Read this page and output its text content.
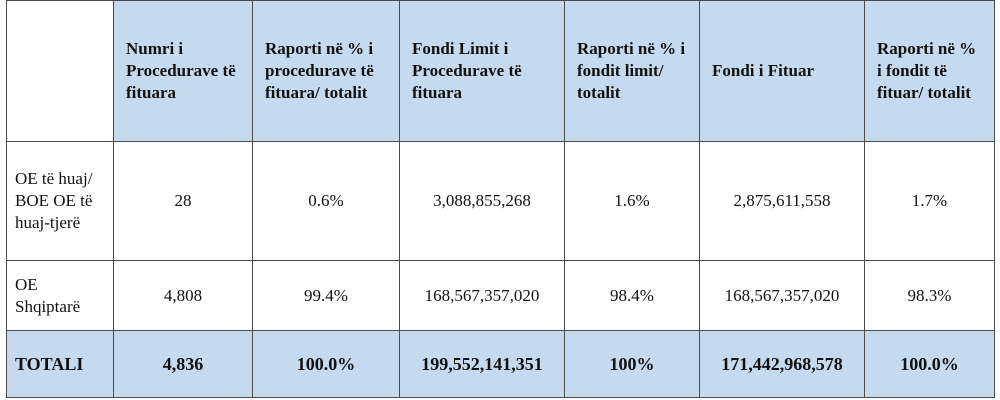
	Numri i Procedurave të fituara	Raporti në % i procedurave të fituara/ totalit	Fondi Limit i Procedurave të fituara	Raporti në % i fondit limit/ totalit	Fondi i Fituar	Raporti në % i fondit të fituar/ totalit
OE të huaj/ BOE OE të huaj-tjerë	28	0.6%	3,088,855,268	1.6%	2,875,611,558	1.7%
OE Shqiptarë	4,808	99.4%	168,567,357,020	98.4%	168,567,357,020	98.3%
TOTALI	4,836	100.0%	199,552,141,351	100%	171,442,968,578	100.0%
